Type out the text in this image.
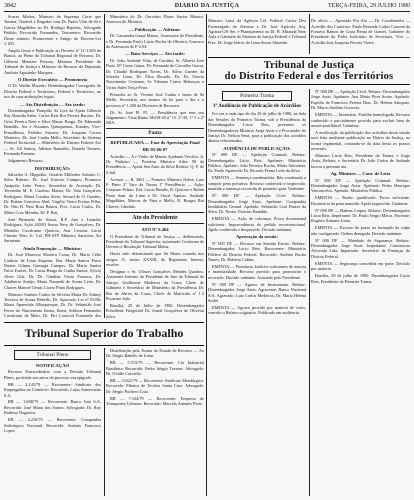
3842	DIARIO DA JUSTIÇA	TERÇA-FEIRA, 29 JULHO 1980

Soares Muñoz, Ministro da Suprema Corte que Tatiana, Tetrável e Brigadas com Dr. Paulo Vilar de Sá e Garcia Magalhães ao Dr. Rodrigo Baptista, Advogado Pedido; Recorrido Fernandes, Tesoureiro: Recorrido Desse número, Promovente e Antigo do Decreto-Lei 1.100.

Amplo Gesto e Publicação ao Decreto nº 11-1.003 de Bastos, ao Pleno do Tribunal Regional de Recurso, Dr. Gilberto Menezes Peixoto, Ministro Presidente do Tribunal de Justiça e Ministro do Recurso do Deputado Antônio Agostinho Marques.

O Diretor Executivo — Promotoria

O Dr. Waldir Macedo, Desembargador Corregedor do Distrito Federal e Territórios, Federal e Territórios, no uso de suas atribuições legais.

— Ato Distribuição — Ato tardo:

Desembargador Pompílio Sá Lyra da Ajuda Gilberto Rui Almeida Sales, Carlos Reis Rui Pereira Barreto. Dr. Grito Pereira Neto e Silva Mauro Braga. Dr. Edmundo Brandão. Ata e Assuntos Quinquenais, Estados, Vice-Presidência, Pedidos Sincero; Dr. Joaquim Correa Monteiro. Dr. José Cunha Mello, Secretário do Sistema Federal Territorial — Ministério do Distrito Federal Ato — Sr. Gil Santos, Adilson Ramalho, Daniela Tavares, Fernanda Fontana.

Julgamento Recurso.

DISTRIBUIÇÃO:

Salvador A. Hippólito, Geraldo Milleidor Antonio C. Silva Ribeiro, Dr. José Ernesto Campos, Promotor Anápolis Leite Freire. Secretária de Acusação Dr. Terezinha M. E. Cardoso Matias, Dr. Saio Gonçalves Rodrigues, Marta Cristina Alves, Sevard de O. Guedes, Dr. Rubim Gestrioso Abel, Virgílio Vieira Freitas Filho, Dr. Otto B. Neto Rosa Bastos, Proc. Lúcio Carlos, Dr. Mário Cruz Mendes, Dr. P. Brit.

José Bernardo de Souza, R.P. Ana e Leandro Rodrigues, Ação 240/03 Sousa Nery de Gonçalves, Dr. Marinho Cavalcante Queiroz, Ana Cristina Lúcia Chirino Neto Jr. Cal. PH-STP Ministro Sarachos Ari Sarmento.

Ainda Nomeação — Ministro:

Dr. José Maurício Moreira Costa, Dr. Maria Célia Cardoso de Lima Siqueira, Dra. Maria Santos Paiva Duarte Gilmar Gonzaga Campos. Dr. Maria Santos Paiva Fontes, Dr. Lucas Braga da Cunha Santos, Sylvio Alves Gilz, Dr. Dr. Cândida Vieira Fonseca, Dr. Adalberto Araújo, Maria Nazareth de Souza Leite, Dr. Chaves Manoel Gerais Cicero Pinto Rodrigues.

Ministro Antônio Carlos da Silveira Matta Dr. Sidney Teixeira de Souza Rebello, Dr. Aprovado Lei nº 05/06, Maria Aparecida Albuquerque, Dr. Dr. Sebastião José Ferrer do Nascimento Júnior, Ibsen, Adilson Fernandes Cavalcanti de Melo, Dr. Piri Lourival Fontenele dos

Ministério do Dr. Gervásio Flores Saviar Ribeiro. Assessor do Ministro.

— Publicação — Adriano:

Dr. Cassandra Gama Manso, Assessoria do Presidente, e Dr. Fernanda Paulo Lúcio Rocha de Oliveira, Assessor da Assessoria de F-2.04.

— Bons Serviços — Ato tarde:

Dr. João Andrade Vilar, de Curitiba, Sr. Alberto José Pinto 10º Curso Gama, Dr. Fernando de Carvalho Garrai, Dr. Cláudio Rodrigues Torres, Dr. Sílvio Guedes da Silveira Lima, Dr. Elisa Rosado, Dr. Dr. Otavio Nascimento Cestenao, Sr. Fabiana Castro Rebouças e Victor Sales Terça-Feira.

Prezados ao Sr. Vicente José Cunha e Jason de Sá Mello, Secretária, nos termos da lei para o dia e o processo nº 1.200 da Diretoria de Recursos.

Dr. Sr. José Pl. Pl. — Presidência que tem seu Julgamento: Vista Ritmo Mil-B-20 nº 15. 2º-29, 1ª 5 e 2ª SBA.

Pauta
REPUBLICADA — Fase de Apreciação Final
BR-05-06-07

Acórdão — A e Vinho de Mantis Ajudante Vecchio, Jr. Dr. Pinheiro — Ponteiro Ministro Adeo 90 da Presidência — Ajuda Seu Auto da Silva Relator, Q. F. de S.Ind.

Acessor — R. 3601 — Ponteiro Ministro Nobre. Luiz F. Pinto 2ª Vara da Turma 1º Presidência — Ação: Cesarino Peluso. Enf. Lucas Bendiz, R. Queiroz e Rolim Pinto Sant. de Lima e Dr. Oscar Aquino. Andrade Magalhães, Marcus de Pina e Mello, R. Borges Rui Chaves, Cândido.

Ato do Presidente
ATO Nº 5.404

O Presidente do Tribunal de Justiça — deliberando, Presidente do Tribunal Superior, autorizado Conforme de Decreto e Resolução Tribunal Matus.

Havia sido determinado que Sá Maria contada nos artigos 11, inciso XXXIII, do Regimento Interno, resolve:

Designar o Sr. Ulisses Gonçalves Mendes Quadros, Assistente Interino do Presidente de Jure da Tribunal de Justiça, Guilherme Medeiros da Costa, Chefe de Gabinete e Secretário de Ministério da Presidência Dr. Rui de Abreu da Costa, Chefe de Matrícula nº 1.5 Pucarino João.

Brasília, 29 de Julho de 1980. Desembargador Presidente Fitzgerald Dr. Jornal Gonçalves de Oliveira Silva.

Ministro Lima da Agência Cel. Federal Carlos Dez Encarregado do Sistema e Dr. José Agrícola Arq. Agrária-GN Ser. e Planejamento ao Dr. B. Miranda Neto Aula e Gabinete do Sistema da Justiça Federal e Tribunal Pres. Dr. Jorge Inácio de Lima Souza Almeida.

De ofício — Apostado Pro Ato — Dr. Coordenador — Acórdão dos Cartórios: Paulo Rezende Carlos Cassoni da Fonseca Ramos de Costa Benta de Gomes. Gabinete do Presidente da Poder Judiciário da Secretaria, Vice — Acórdão Juiz Joaquim Pereira Vieira.

Tribunal de Justiça
do Distrito Federal e dos Territórios
Primeira Turma
1ª Audiência de Publicação de Acórdãos

Foi ora a cada tipo de dia 29 de julho de 1980, na Sala das Sessões da Primeira Turma, sob a Presidência do Desembargador Lúcio Reis, presentes os Desembargadores Ministro Jorge Assis e o Procurador de Justiça Dr. Nelson Sena, para a publicação dos acórdãos abaixo relacionados.

AUDIÊNCIA DE PUBLICAÇÃO:

Nº 000 DF — Apelação Criminal. Relator: Desembargador Lúcio Reis. Apelante: Ministério Público. Apelado: João Ferreira Rocha, Maria Antonieta, Dr. Paulo Aparecido Dr. Ricardo Penna Leite da Silva.

EMENTA — Sentença condenatória. Réu condenado a cumprir pena privativa. Recurso conhecido e improvido, mantida a sentença recorrida de primeiro grau. Unânime.

Nº 000 DF — Apelação Cível. Relator: Desembargador Jorge Assis. Apelante: Companhia Imobiliária Central. Apelado: Sebastião Leal Fontes da Silva. Dr. Nestor Vinícius Brandão.

EMENTA — Ação de cobrança. Prova documental suficiente. Improcedência do pedido reconvencional. Apelo conhecido e desprovido. Decisão unânime.

Aprovação da sessão:

Nº 000 DF — Recurso em Sentido Estrito. Relator: Desembargador Lúcio Reis. Recorrente: Ministério Público do Distrito Federal. Recorrido: Antônio Rocha Nunes, Dr. Roberto Caldas.

EMENTA — Pronúncia. Indícios suficientes de autoria e materialidade. Recurso provido para pronunciar o recorrido. Decisão unânime. Assinado pelo Presidente.

Nº 000 DF — Agravo de Instrumento. Relator: Desembargador Jorge Assis. Agravante: Banco Nacional S/A. Agravado: Luiz Carlos Medeiros, Dr. Maria Helena Sodré.

EMENTA — Agravo provido por maioria de votos, vencido o Relator originário. Publicado em audiência.

Nº 000 DF — Apelação Cível. Relator: Desembargador Jorge Assis. Apelante: Ana Maria Pires Souto. Apelado: Espólio de Francisco Pereira Dias. Dr. Helena Sampaio, Dr. Marco Antônio Gouveia.

EMENTA — Inventário. Partilha homologada. Recurso conhecido e parcialmente provido para excluir bem do monte partilhável. Unânime.

A notificação da publicação dos acórdãos desta sessão será feita mediante publicação no Diário da Justiça, na forma regimental, contando-se da data desta os prazos recursais.

Ministro Lúcio Reis, Presidente da Turma, e Jorge Assis, Relator, e Secretário Dr. João Carlos de Andrade lavrou a presente ata.

Ag. Ministro — Cont. de Lista

Nº 000 DF — Apelação Criminal. Relator: Desembargador Jorge Assis. Apelante: Pedro Henrique Vasconcelos. Apelado: Ministério Público.

EMENTA — Roubo qualificado. Prova suficiente. Dosimetria da pena mantida. Apelo improvido. Unânime.

Nº 000 DF — Habeas Corpus. Relator: Desembargador Lúcio Reis. Impetrante: Dr. Paulo Sérgio Matos. Paciente: Rogério Antunes Lima.

EMENTA — Excesso de prazo na formação da culpa não configurado. Ordem denegada. Decisão unânime.

Nº 000 DF — Mandado de Segurança. Relator: Desembargador Jorge Assis. Impetrante: Construtora Alvorada Ltda. Impetrado: Secretário de Finanças do Distrito Federal.

EMENTA — Segurança concedida em parte. Decisão por maioria.

Brasília, 29 de julho de 1980. Desembargador Lúcio Reis, Presidente da Primeira Turma.

Tribunal Superior do Trabalho
Tribunal Pleno
NOTIFICAÇÃO

Recurso Extraordinário com a Decisão Tribunal Pleno, proferida nos autos do processo em epígrafe.

RR — 2.145/79 — Recorrente: Sindicato dos Empregados no Comércio. Recorrido: Lojas Americanas S.A.

RR — 3.608/79 — Recorrente: Banco Itaú S.A. Recorrido: José Maria dos Santos. Advogado: Dr. Ruy Barbosa Nogueira.

RR — 4.210/79 — Recorrente: Companhia Siderúrgica Nacional. Recorrido: Antônio Francisco Lopes.

Distribuição pela Turma do Estado de Recurso — Ao Dr. Sérgio Rabello de Lima.

RR — 5.515/79 — Recorrente: Cia Industrial Brasileira. Recorrido: Pedro Sérgio Tavares. Advogado: Dr. Ovídio Carvalho.

RR — 6.022/79 — Recorrente: Sindicato Metalúrgico. Recorrido: Fábrica de Tecidos Santa Cruz. Advogado: Dr. Sérgio Pacheco Cruz.

RR — 7.104/79 — Recorrente: Empresa de Transportes Urbanos. Recorrido: Marcelo Antunes Pinto.
